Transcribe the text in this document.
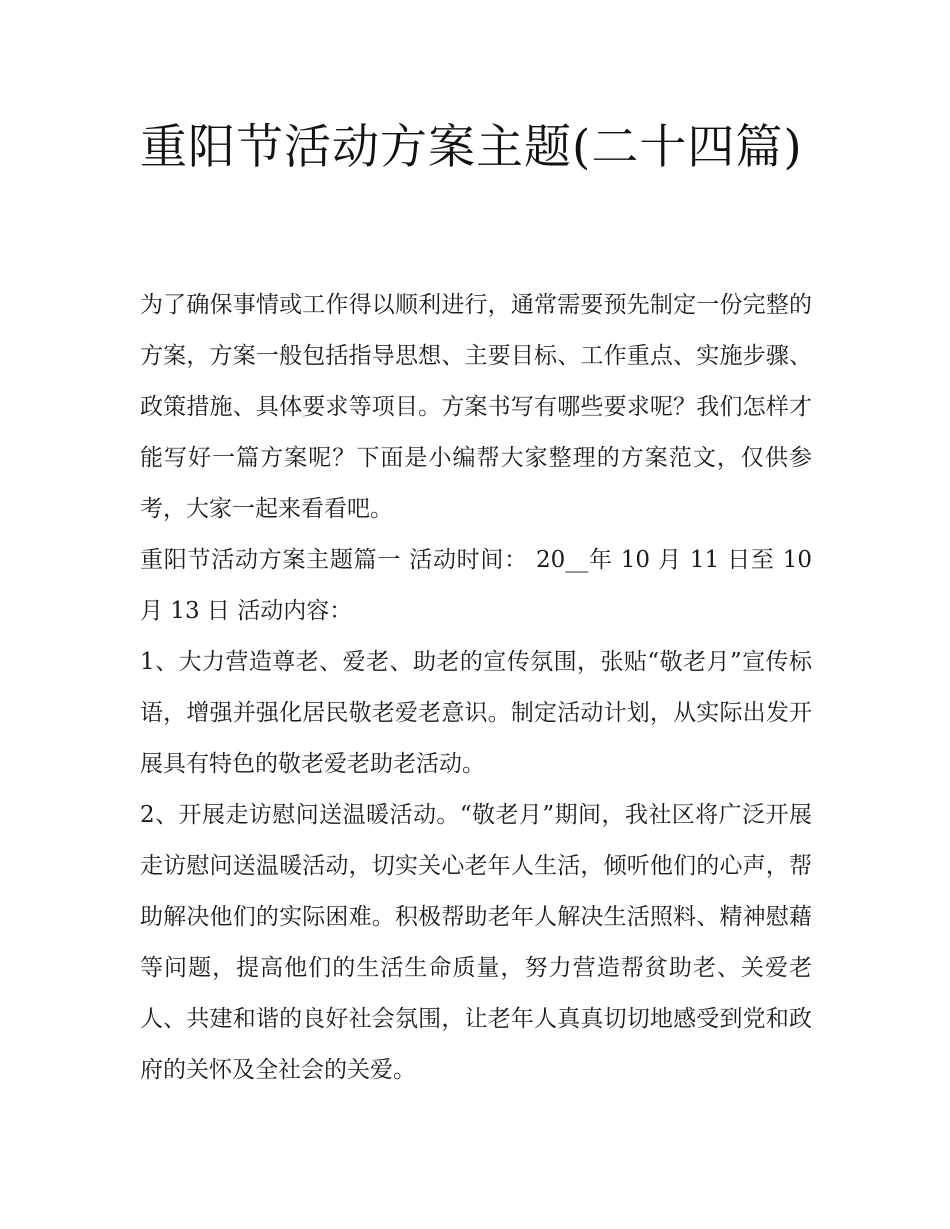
重阳节活动方案主题(二十四篇)

为了确保事情或工作得以顺利进行，通常需要预先制定一份完整的方案，方案一般包括指导思想、主要目标、工作重点、实施步骤、政策措施、具体要求等项目。方案书写有哪些要求呢？我们怎样才能写好一篇方案呢？下面是小编帮大家整理的方案范文，仅供参考，大家一起来看看吧。

重阳节活动方案主题篇一 活动时间： 20__年 10 月 11 日至 10 月 13 日 活动内容：

1、大力营造尊老、爱老、助老的宣传氛围，张贴“敬老月”宣传标语，增强并强化居民敬老爱老意识。制定活动计划，从实际出发开展具有特色的敬老爱老助老活动。

2、开展走访慰问送温暖活动。“敬老月”期间，我社区将广泛开展走访慰问送温暖活动，切实关心老年人生活，倾听他们的心声，帮助解决他们的实际困难。积极帮助老年人解决生活照料、精神慰藉等问题，提高他们的生活生命质量，努力营造帮贫助老、关爱老人、共建和谐的良好社会氛围，让老年人真真切切地感受到党和政府的关怀及全社会的关爱。
